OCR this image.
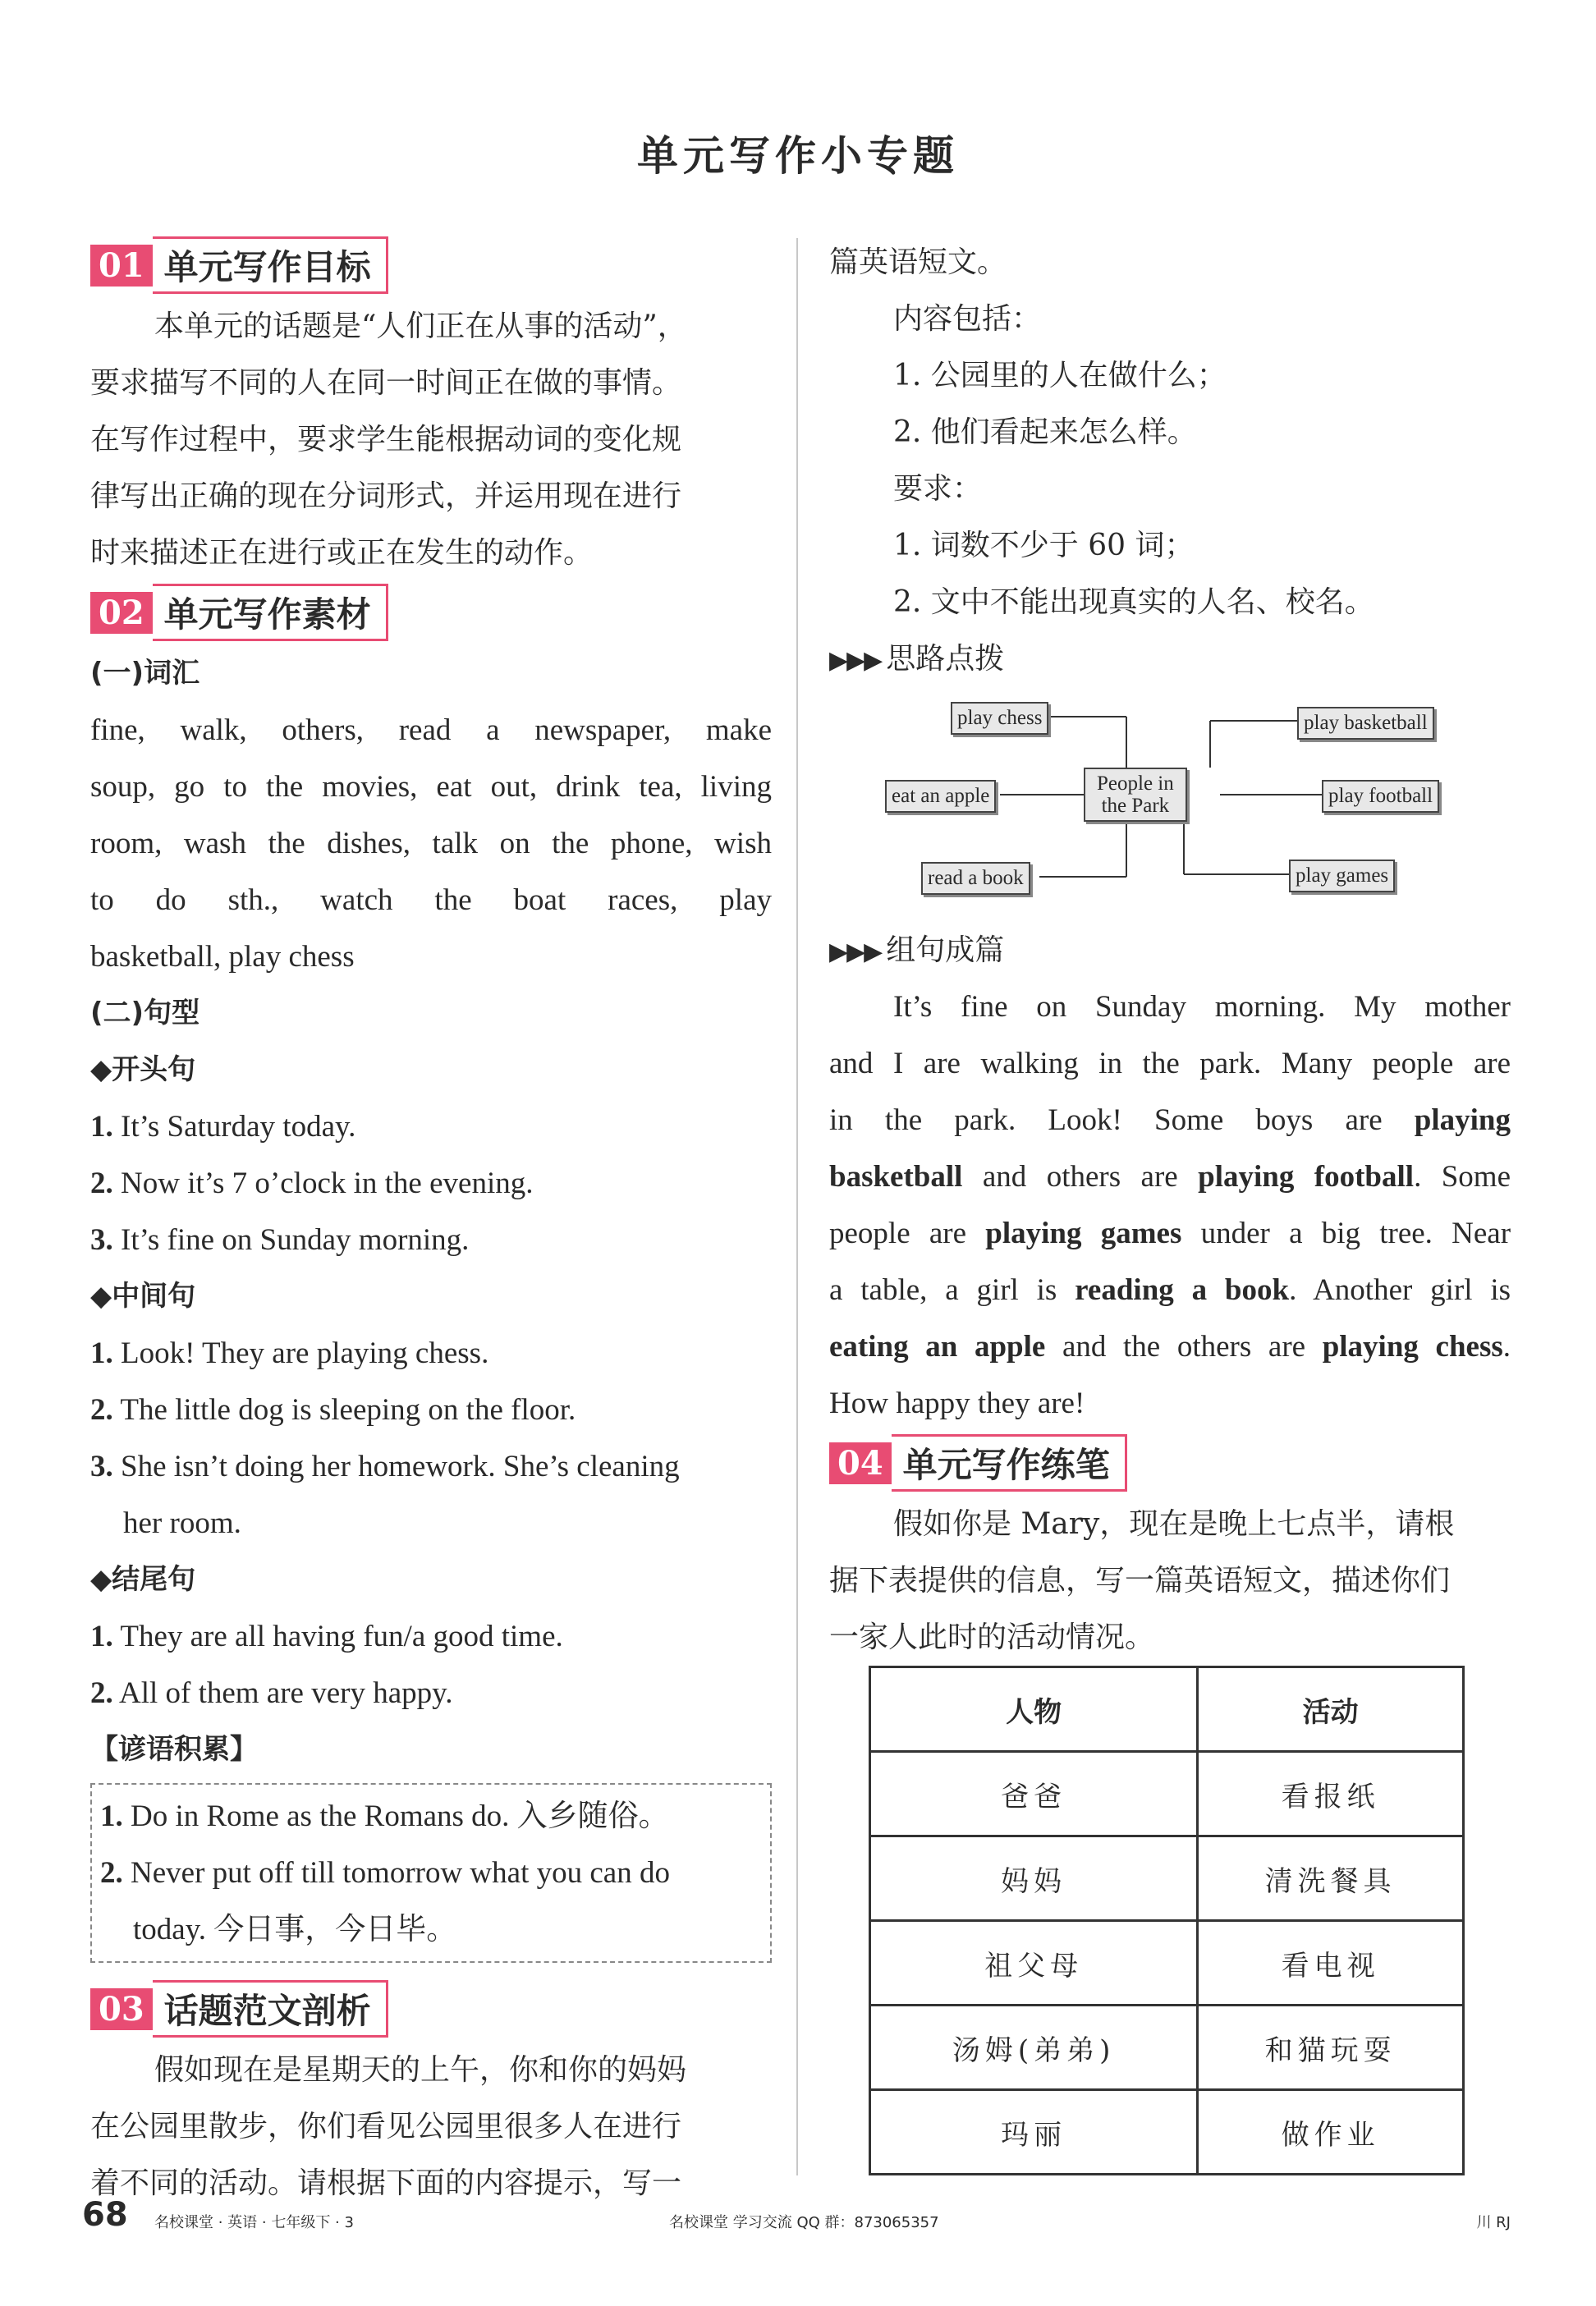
单元写作小专题
01 单元写作目标
本单元的话题是“人们正在从事的活动”，
要求描写不同的人在同一时间正在做的事情。
在写作过程中，要求学生能根据动词的变化规
律写出正确的现在分词形式，并运用现在进行
时来描述正在进行或正在发生的动作。
02 单元写作素材
(一)词汇
fine, walk, others, read a newspaper, make
soup, go to the movies, eat out, drink tea, living
room, wash the dishes, talk on the phone, wish
to do sth., watch the boat races, play
basketball, play chess
(二)句型
◆开头句
1. It’s Saturday today.
2. Now it’s 7 o’clock in the evening.
3. It’s fine on Sunday morning.
◆中间句
1. Look! They are playing chess.
2. The little dog is sleeping on the floor.
3. She isn’t doing her homework. She’s cleaning
her room.
◆结尾句
1. They are all having fun/a good time.
2. All of them are very happy.
【谚语积累】
1. Do in Rome as the Romans do. 入乡随俗。
2. Never put off till tomorrow what you can do
today. 今日事，今日毕。
03 话题范文剖析
假如现在是星期天的上午，你和你的妈妈
在公园里散步，你们看见公园里很多人在进行
着不同的活动。请根据下面的内容提示，写一
篇英语短文。
内容包括：
1. 公园里的人在做什么；
2. 他们看起来怎么样。
要求：
1. 词数不少于 60 词；
2. 文中不能出现真实的人名、校名。
▶▶▶ 思路点拨
People in
the Park
play chess	play basketball
eat an apple	play football
read a book	play games
▶▶▶ 组句成篇
It’s fine on Sunday morning. My mother
and I are walking in the park. Many people are
in the park. Look! Some boys are playing
basketball and others are playing football. Some
people are playing games under a big tree. Near
a table, a girl is reading a book. Another girl is
eating an apple and the others are playing chess.
How happy they are!
04 单元写作练笔
假如你是 Mary，现在是晚上七点半，请根
据下表提供的信息，写一篇英语短文，描述你们
一家人此时的活动情况。
人物	活动
爸爸	看报纸
妈妈	清洗餐具
祖父母	看电视
汤姆(弟弟)	和猫玩耍
玛丽	做作业
68 名校课堂 · 英语 · 七年级下 · 3	名校课堂 学习交流 QQ 群：873065357	川 RJ
